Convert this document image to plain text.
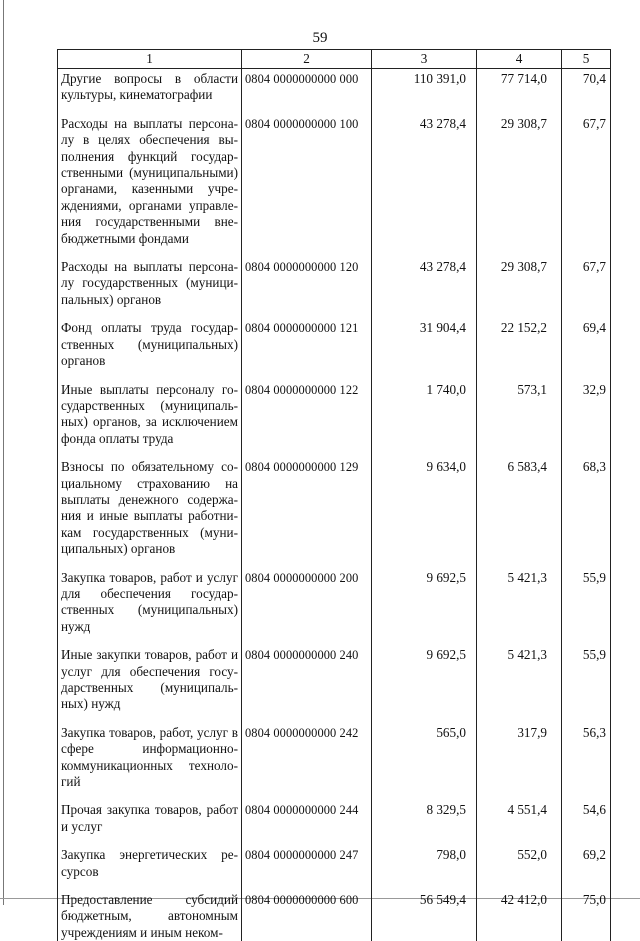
59
1	2	3	4	5
Другие вопросы в области культуры, кинематографии	0804 0000000000 000	110 391,0	77 714,0	70,4

Расходы на выплаты персона-лу в целях обеспечения вы-полнения функций государ-ственными (муниципальными) органами, казенными учре-ждениями, органами управле-ния государственными вне-бюджетными фондами	0804 0000000000 100	43 278,4	29 308,7	67,7

Расходы на выплаты персона-лу государственных (муници-пальных) органов	0804 0000000000 120	43 278,4	29 308,7	67,7

Фонд оплаты труда государ-ственных (муниципальных) органов	0804 0000000000 121	31 904,4	22 152,2	69,4

Иные выплаты персоналу го-сударственных (муниципаль-ных) органов, за исключением фонда оплаты труда	0804 0000000000 122	1 740,0	573,1	32,9

Взносы по обязательному со-циальному страхованию на выплаты денежного содержа-ния и иные выплаты работни-кам государственных (муни-ципальных) органов	0804 0000000000 129	9 634,0	6 583,4	68,3

Закупка товаров, работ и услуг для обеспечения государ-ственных (муниципальных) нужд	0804 0000000000 200	9 692,5	5 421,3	55,9

Иные закупки товаров, работ и услуг для обеспечения госу-дарственных (муниципаль-ных) нужд	0804 0000000000 240	9 692,5	5 421,3	55,9

Закупка товаров, работ, услуг в сфере информационно-коммуникационных техноло-гий	0804 0000000000 242	565,0	317,9	56,3

Прочая закупка товаров, работ и услуг	0804 0000000000 244	8 329,5	4 551,4	54,6

Закупка энергетических ре-сурсов	0804 0000000000 247	798,0	552,0	69,2

Предоставление субсидий бюджетным, автономным учреждениям и иным неком-	0804 0000000000 600	56 549,4	42 412,0	75,0
